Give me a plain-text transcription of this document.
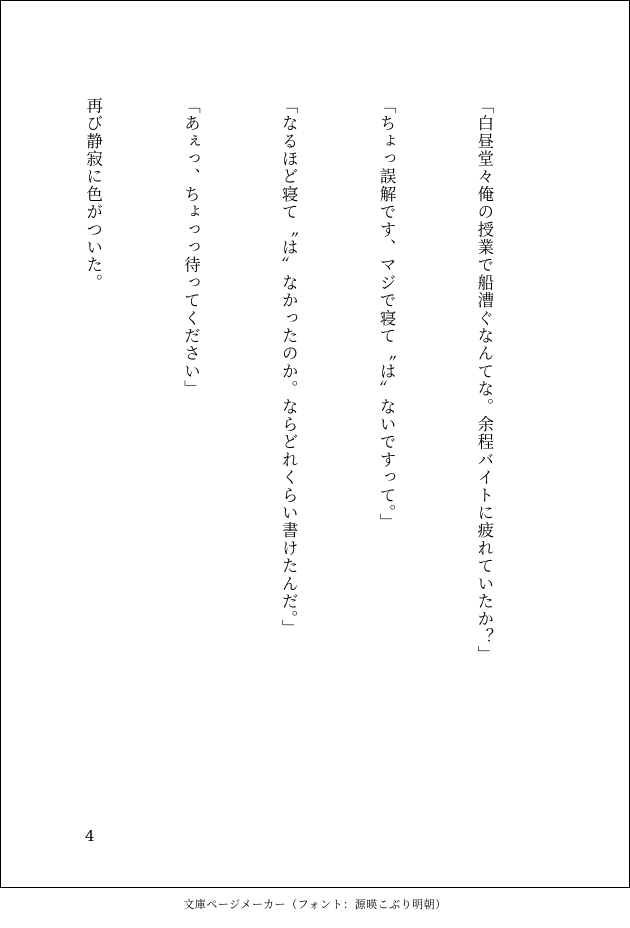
「白昼堂々俺の授業で船漕ぐなんてな。余程バイトに疲れていたか？」

「ちょっ誤解です、マジで寝て〝は〟ないですって。」

「なるほど寝て〝は〟なかったのか。ならどれくらい書けたんだ。」

「あぇっ、ちょっっ待ってください」

再び静寂に色がついた。

4
文庫ページメーカー（フォント：源暎こぶり明朝）
